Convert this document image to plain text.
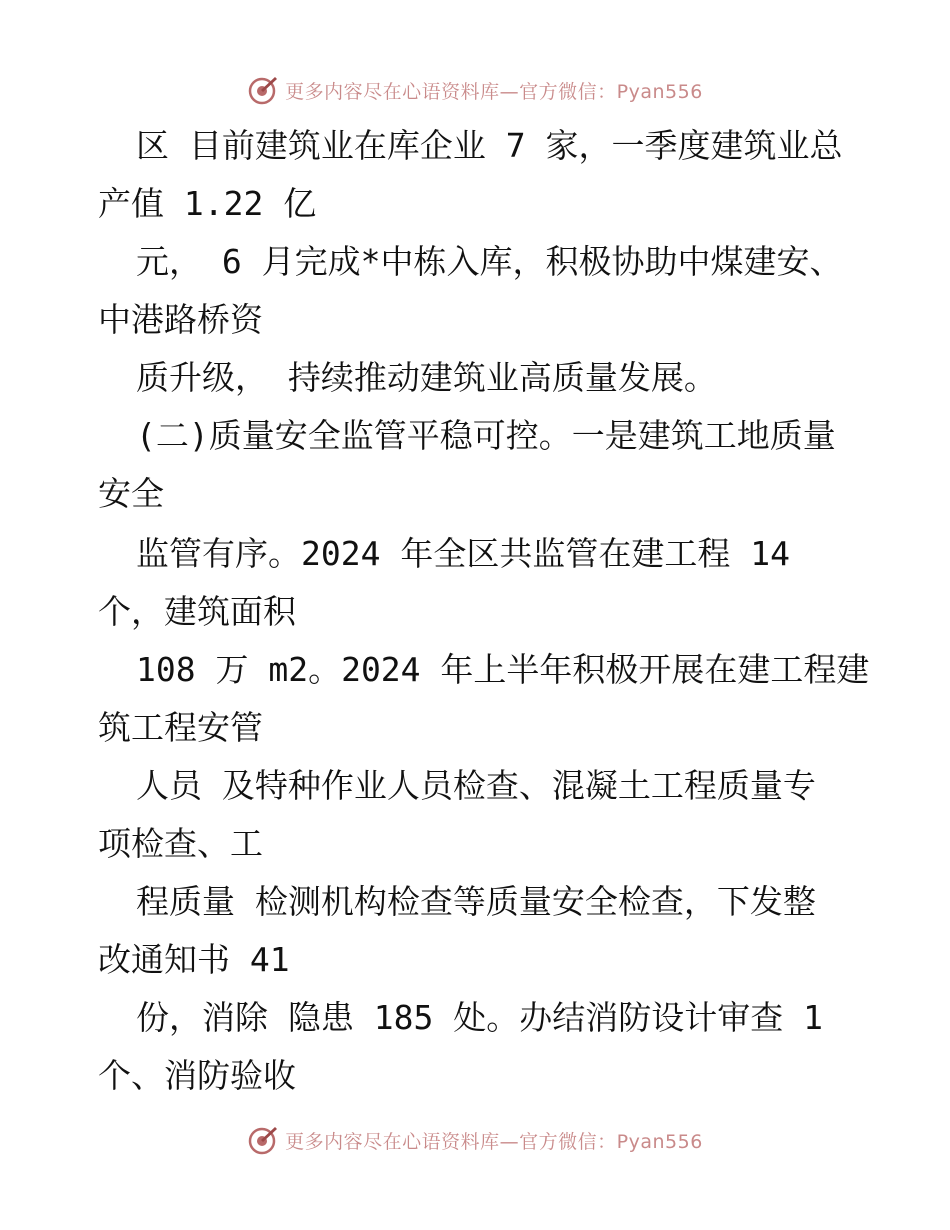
更多内容尽在心语资料库—官方微信：Pyan556
区 目前建筑业在库企业 7 家，一季度建筑业总
产值 1.22 亿
元， 6 月完成*中栋入库，积极协助中煤建安、
中港路桥资
质升级， 持续推动建筑业高质量发展。
(二)质量安全监管平稳可控。一是建筑工地质量
安全
监管有序。2024 年全区共监管在建工程 14
个，建筑面积
108 万 m2。2024 年上半年积极开展在建工程建
筑工程安管
人员 及特种作业人员检查、混凝土工程质量专
项检查、工
程质量 检测机构检查等质量安全检查，下发整
改通知书 41
份，消除 隐患 185 处。办结消防设计审查 1
个、消防验收
更多内容尽在心语资料库—官方微信：Pyan556
